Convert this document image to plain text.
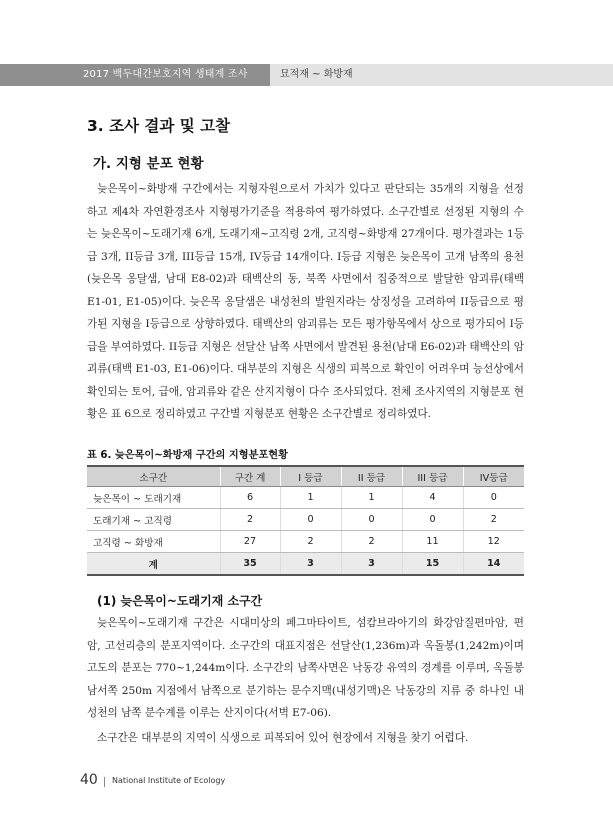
2017 백두대간보호지역 생태계 조사	묘적재 ~ 화방재
3. 조사 결과 및 고찰
가. 지형 분포 현황
늦은목이~화방재 구간에서는 지형자원으로서 가치가 있다고 판단되는 35개의 지형을 선정하고 제4차 자연환경조사 지형평가기준을 적용하여 평가하였다. 소구간별로 선정된 지형의 수는 늦은목이~도래기재 6개, 도래기재~고직령 2개, 고직령~화방재 27개이다. 평가결과는 1등급 3개, II등급 3개, III등급 15개, IV등급 14개이다. I등급 지형은 늦은목이 고개 남쪽의 용천(늦은목 옹달샘, 남대 E8-02)과 태백산의 동, 북쪽 사면에서 집중적으로 발달한 암괴류(태백 E1-01, E1-05)이다. 늦은목 옹달샘은 내성천의 발원지라는 상징성을 고려하여 II등급으로 평가된 지형을 I등급으로 상향하였다. 태백산의 암괴류는 모든 평가항목에서 상으로 평가되어 I등급을 부여하였다. II등급 지형은 선달산 남쪽 사면에서 발견된 용천(남대 E6-02)과 태백산의 암괴류(태백 E1-03, E1-06)이다. 대부분의 지형은 식생의 피복으로 확인이 어려우며 능선상에서 확인되는 토어, 급애, 암괴류와 같은 산지지형이 다수 조사되었다. 전체 조사지역의 지형분포 현황은 표 6으로 정리하였고 구간별 지형분포 현황은 소구간별로 정리하였다.
표 6. 늦은목이~화방재 구간의 지형분포현황
소구간	구간 계	I 등급	II 등급	III 등급	IV등급
늦은목이 ~ 도래기재	6	1	1	4	0
도래기재 ~ 고직령	2	0	0	0	2
고직령 ~ 화방재	27	2	2	11	12
계	35	3	3	15	14
(1) 늦은목이~도래기재 소구간
늦은목이~도래기재 구간은 시대미상의 페그마타이트, 섬캄브라아기의 화강암질편마암, 편암, 고선리층의 분포지역이다. 소구간의 대표지점은 선달산(1,236m)과 옥돌봉(1,242m)이며 고도의 분포는 770~1,244m이다. 소구간의 남쪽사면은 낙동강 유역의 경계를 이루며, 옥돌봉 남서쪽 250m 지점에서 남쪽으로 분기하는 문수지맥(내성기맥)은 낙동강의 지류 중 하나인 내성천의 남쪽 분수계를 이루는 산지이다(서벽 E7-06).
소구간은 대부분의 지역이 식생으로 피복되어 있어 현장에서 지형을 찾기 어렵다.
40 National Institute of Ecology
